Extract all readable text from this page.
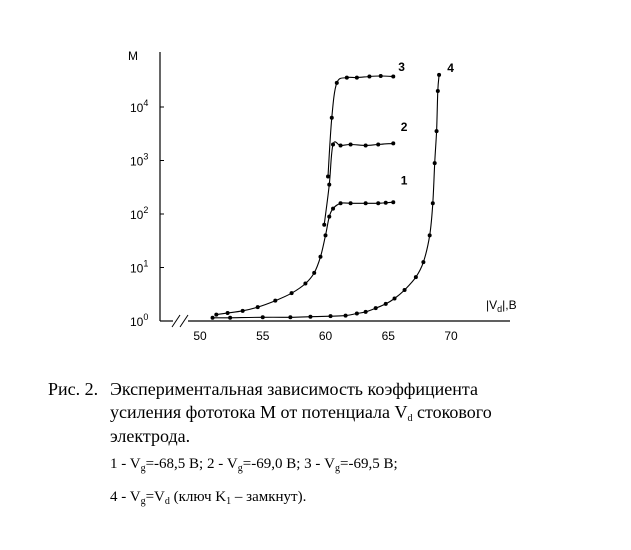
50	55	60	65	70
$10^0$
$10^1$
$10^2$
$10^3$
$10^4$
M
$|V_d|,B$
1
2
3	4
Рис. 2. Экспериментальная зависимость коэффициента
усиления фототока M от потенциала $V_d$ стокового
электрода.
$1 - V_g=-68,5$ В; $2 - V_g=-69,0$ В; $3 - V_g=-69,5$ В;
$4 - V_g=V_d$ (ключ $K_1$ – замкнут).
